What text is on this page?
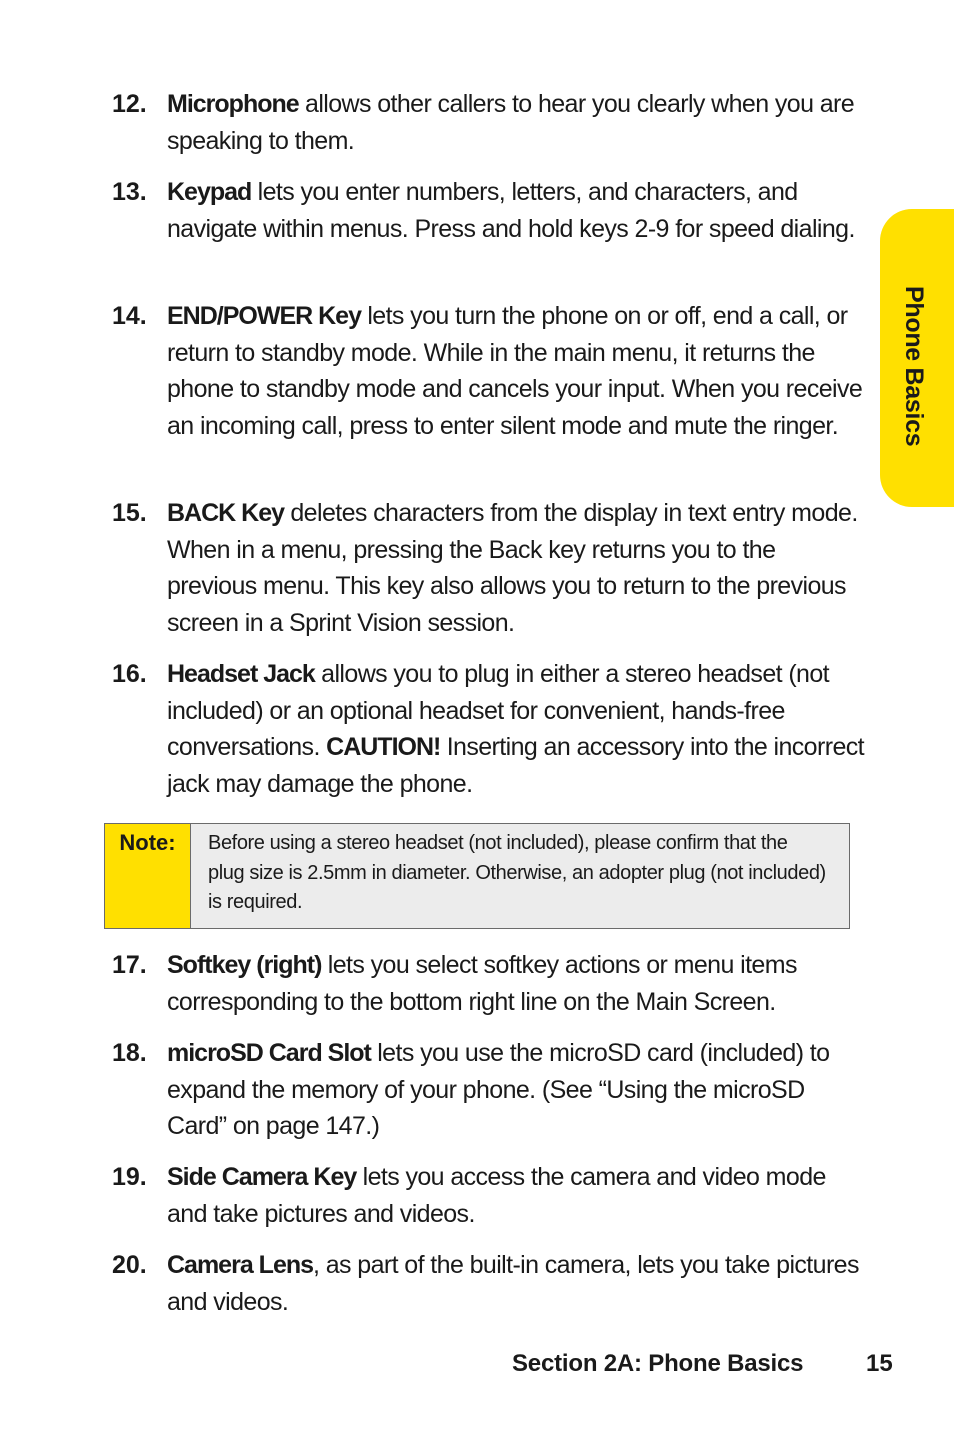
12. Microphone allows other callers to hear you clearly when you are speaking to them.
13. Keypad lets you enter numbers, letters, and characters, and navigate within menus. Press and hold keys 2-9 for speed dialing.
14. END/POWER Key lets you turn the phone on or off, end a call, or return to standby mode. While in the main menu, it returns the phone to standby mode and cancels your input. When you receive an incoming call, press to enter silent mode and mute the ringer.
15. BACK Key deletes characters from the display in text entry mode. When in a menu, pressing the Back key returns you to the previous menu. This key also allows you to return to the previous screen in a Sprint Vision session.
16. Headset Jack allows you to plug in either a stereo headset (not included) or an optional headset for convenient, hands-free conversations. CAUTION! Inserting an accessory into the incorrect jack may damage the phone.
Note:	Before using a stereo headset (not included), please confirm that the plug size is 2.5mm in diameter. Otherwise, an adopter plug (not included) is required.
17. Softkey (right) lets you select softkey actions or menu items corresponding to the bottom right line on the Main Screen.
18. microSD Card Slot lets you use the microSD card (included) to expand the memory of your phone. (See “Using the microSD Card” on page 147.)
19. Side Camera Key lets you access the camera and video mode and take pictures and videos.
20. Camera Lens, as part of the built-in camera, lets you take pictures and videos.
Phone Basics
Section 2A: Phone Basics	15
